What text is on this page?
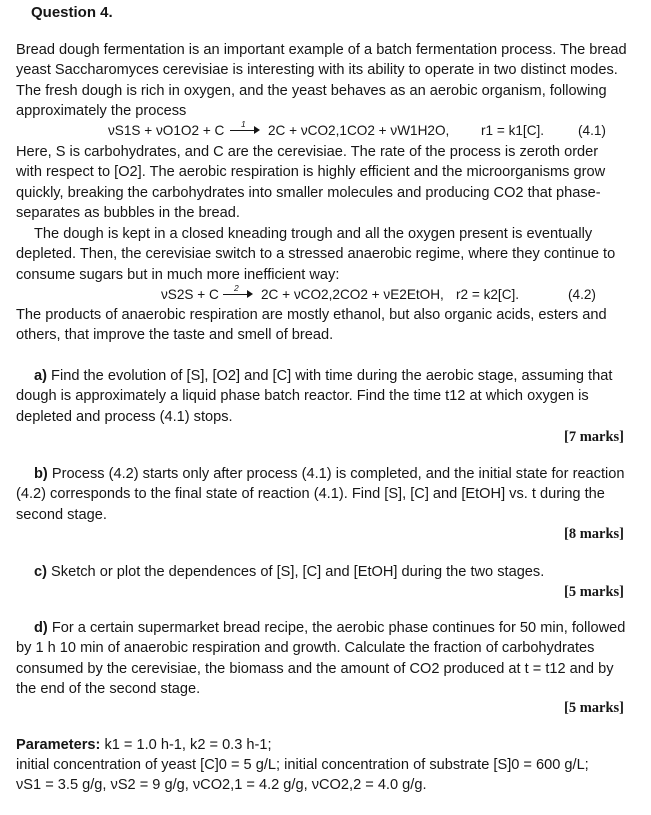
Question 4.

Bread dough fermentation is an important example of a batch fermentation process. The bread yeast Saccharomyces cerevisiae is interesting with its ability to operate in two distinct modes. The fresh dough is rich in oxygen, and the yeast behaves as an aerobic organism, following approximately the process

νS1S + νO1O2 + C 1 2C + νCO2,1CO2 + νW1H2O, r1 = k1[C]. (4.1)

Here, S is carbohydrates, and C are the cerevisiae. The rate of the process is zeroth order with respect to [O2]. The aerobic respiration is highly efficient and the microorganisms grow quickly, breaking the carbohydrates into smaller molecules and producing CO2 that phase-separates as bubbles in the bread.

The dough is kept in a closed kneading trough and all the oxygen present is eventually depleted. Then, the cerevisiae switch to a stressed anaerobic regime, where they continue to consume sugars but in much more inefficient way:

νS2S + C 2 2C + νCO2,2CO2 + νE2EtOH, r2 = k2[C].	(4.2)

The products of anaerobic respiration are mostly ethanol, but also organic acids, esters and others, that improve the taste and smell of bread.

a) Find the evolution of [S], [O2] and [C] with time during the aerobic stage, assuming that dough is approximately a liquid phase batch reactor. Find the time t12 at which oxygen is depleted and process (4.1) stops.

[7 marks]

b) Process (4.2) starts only after process (4.1) is completed, and the initial state for reaction (4.2) corresponds to the final state of reaction (4.1). Find [S], [C] and [EtOH] vs. t during the second stage.

[8 marks]

c) Sketch or plot the dependences of [S], [C] and [EtOH] during the two stages.

[5 marks]

d) For a certain supermarket bread recipe, the aerobic phase continues for 50 min, followed by 1 h 10 min of anaerobic respiration and growth. Calculate the fraction of carbohydrates consumed by the cerevisiae, the biomass and the amount of CO2 produced at t = t12 and by the end of the second stage.

[5 marks]
Parameters: k1 = 1.0 h-1, k2 = 0.3 h-1;
initial concentration of yeast [C]0 = 5 g/L; initial concentration of substrate [S]0 = 600 g/L;
νS1 = 3.5 g/g, νS2 = 9 g/g, νCO2,1 = 4.2 g/g, νCO2,2 = 4.0 g/g.
